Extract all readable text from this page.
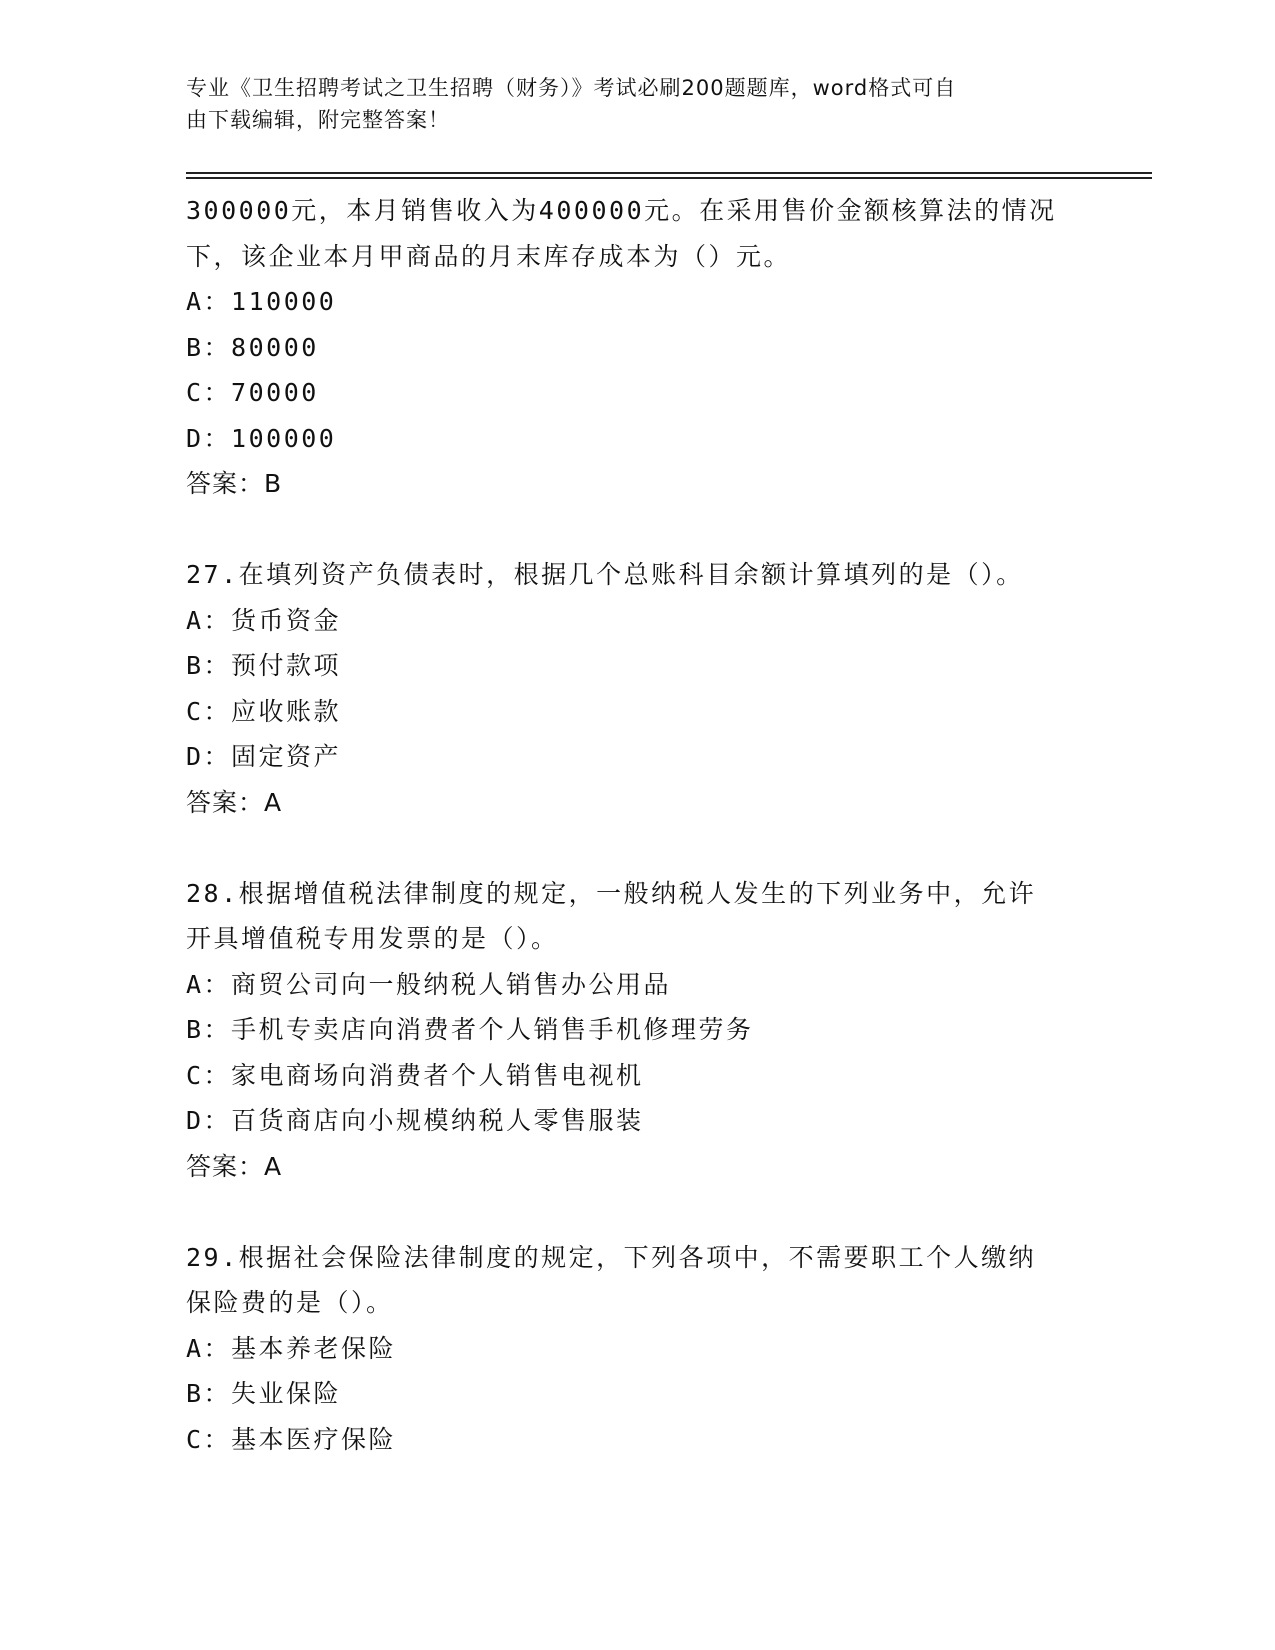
专业《卫生招聘考试之卫生招聘（财务）》考试必刷200题题库，word格式可自
由下载编辑，附完整答案！
300000元，本月销售收入为400000元。在采用售价金额核算法的情况
下，该企业本月甲商品的月末库存成本为（）元。
A：110000
B：80000
C：70000
D：100000
答案：B
27.在填列资产负债表时，根据几个总账科目余额计算填列的是（）。
A：货币资金
B：预付款项
C：应收账款
D：固定资产
答案：A
28.根据增值税法律制度的规定，一般纳税人发生的下列业务中，允许
开具增值税专用发票的是（）。
A：商贸公司向一般纳税人销售办公用品
B：手机专卖店向消费者个人销售手机修理劳务
C：家电商场向消费者个人销售电视机
D：百货商店向小规模纳税人零售服装
答案：A
29.根据社会保险法律制度的规定，下列各项中，不需要职工个人缴纳
保险费的是（）。
A：基本养老保险
B：失业保险
C：基本医疗保险
